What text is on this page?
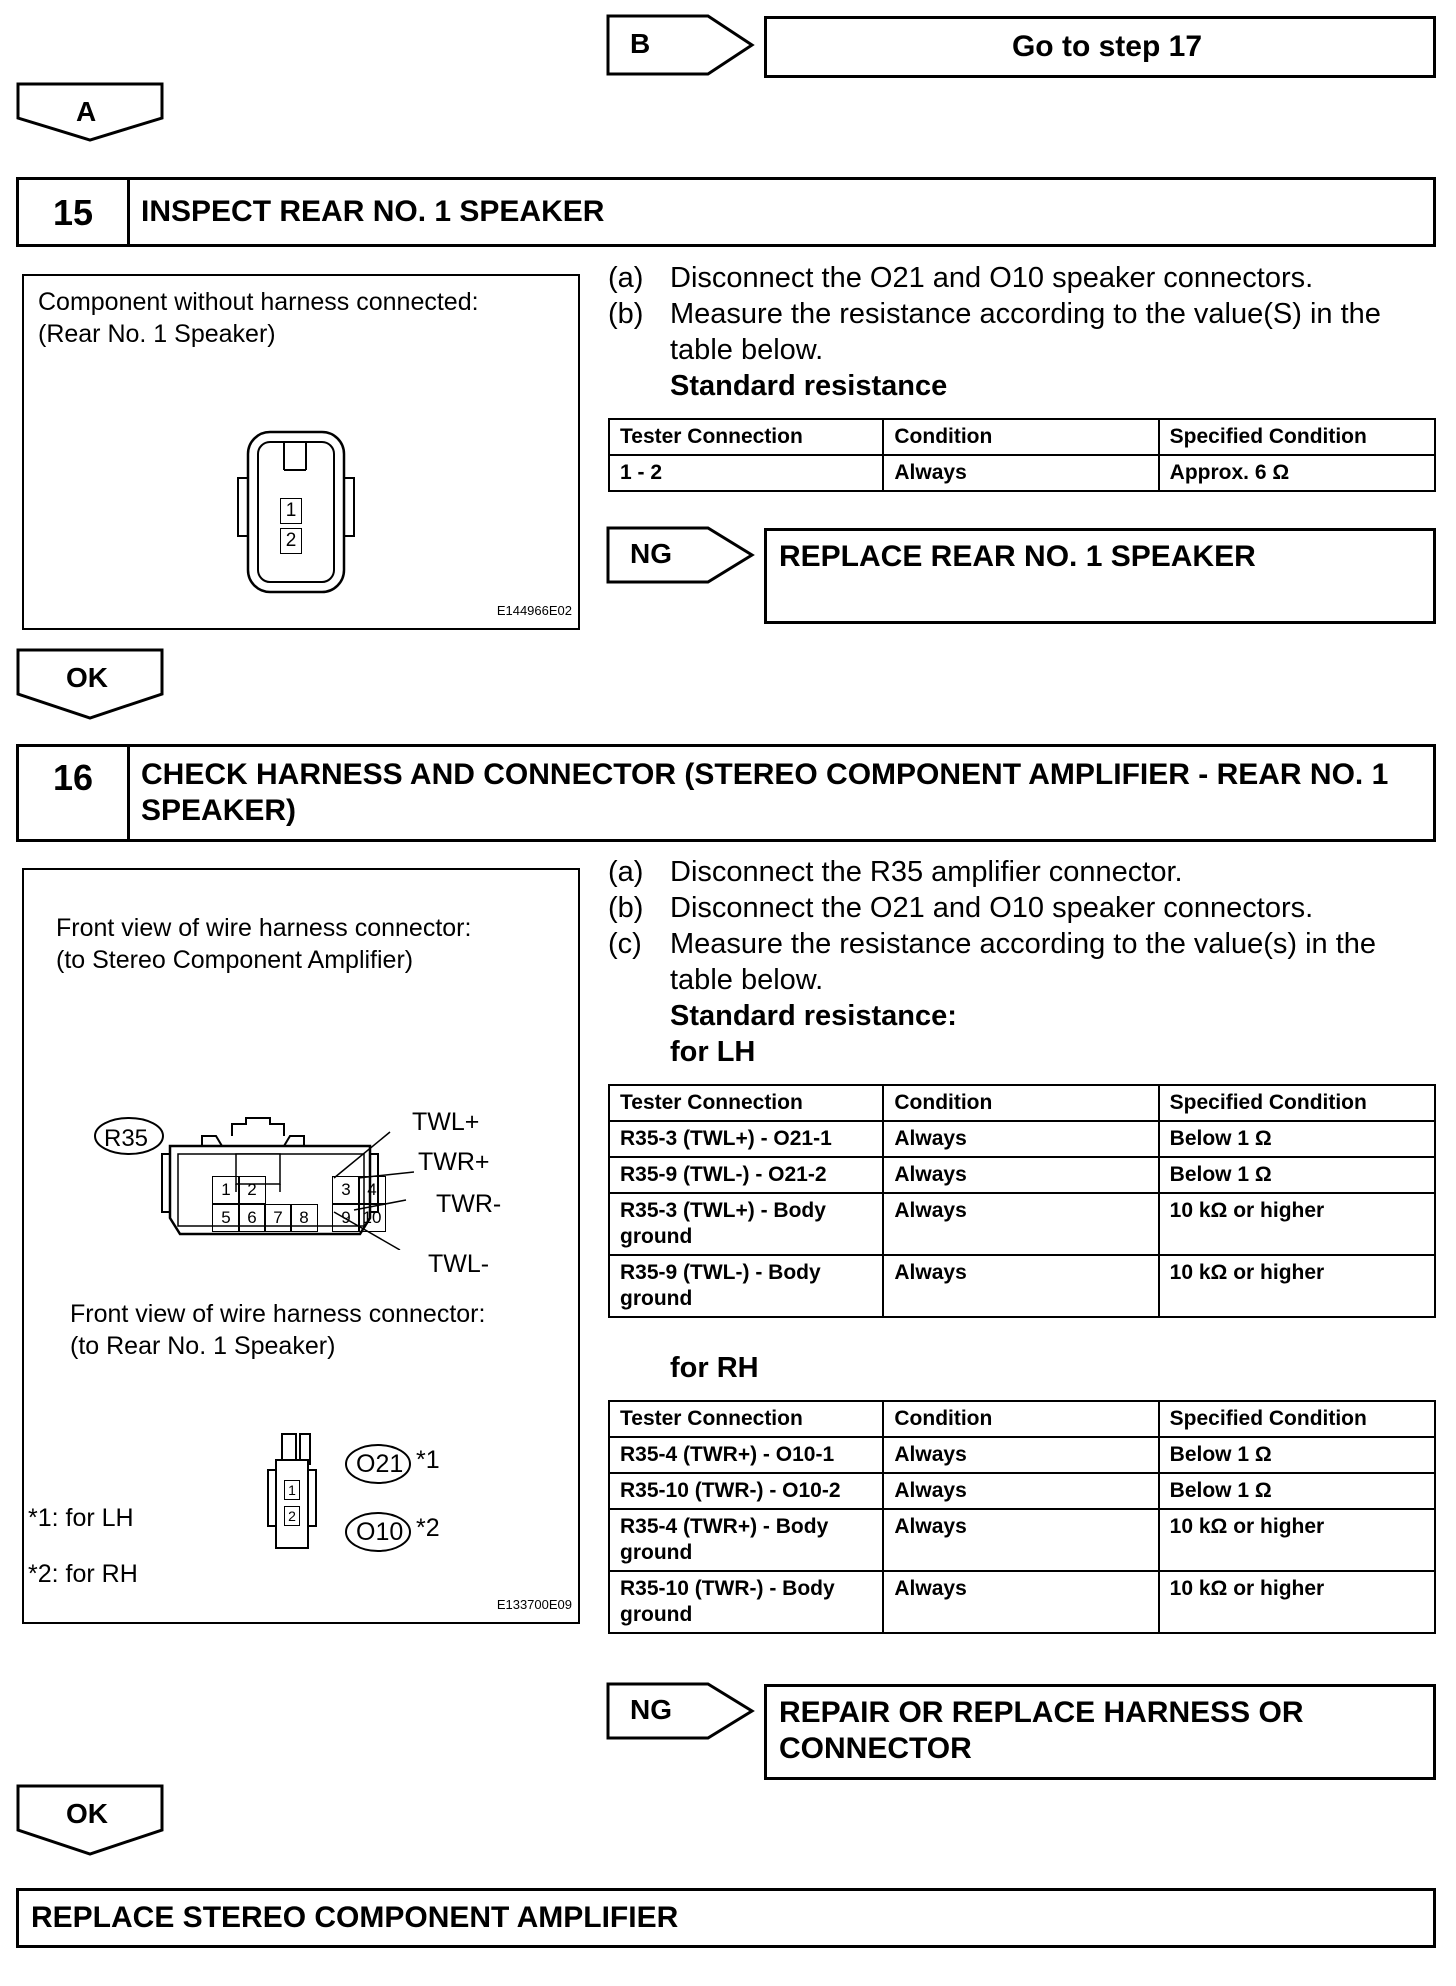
B	Go to step 17
A
15	INSPECT REAR NO. 1 SPEAKER
Component without harness connected:
(Rear No. 1 Speaker)
1
2
E144966E02
(a) Disconnect the O21 and O10 speaker connectors.
(b) Measure the resistance according to the value(S) in the
table below.
Standard resistance
Tester Connection	Condition	Specified Condition
1 - 2	Always	Approx. 6 Ω
NG	REPLACE REAR NO. 1 SPEAKER
OK
16	CHECK HARNESS AND CONNECTOR (STEREO COMPONENT AMPLIFIER - REAR NO. 1
SPEAKER)
Front view of wire harness connector:
(to Stereo Component Amplifier)
R35
1 2	3 4
5 6 7 8	9 10
TWL+
TWR+
TWR-
TWL-
Front view of wire harness connector:
(to Rear No. 1 Speaker)
1
2
O21
O10
*1
*2
*1: for LH
*2: for RH
E133700E09
(a) Disconnect the R35 amplifier connector.
(b) Disconnect the O21 and O10 speaker connectors.
(c) Measure the resistance according to the value(s) in the
table below.
Standard resistance:
for LH
Tester Connection	Condition	Specified Condition
R35-3 (TWL+) - O21-1	Always	Below 1 Ω
R35-9 (TWL-) - O21-2	Always	Below 1 Ω
R35-3 (TWL+) - Body ground	Always	10 kΩ or higher
R35-9 (TWL-) - Body ground	Always	10 kΩ or higher
for RH
Tester Connection	Condition	Specified Condition
R35-4 (TWR+) - O10-1	Always	Below 1 Ω
R35-10 (TWR-) - O10-2	Always	Below 1 Ω
R35-4 (TWR+) - Body ground	Always	10 kΩ or higher
R35-10 (TWR-) - Body ground	Always	10 kΩ or higher
NG	REPAIR OR REPLACE HARNESS OR
CONNECTOR
OK
REPLACE STEREO COMPONENT AMPLIFIER
